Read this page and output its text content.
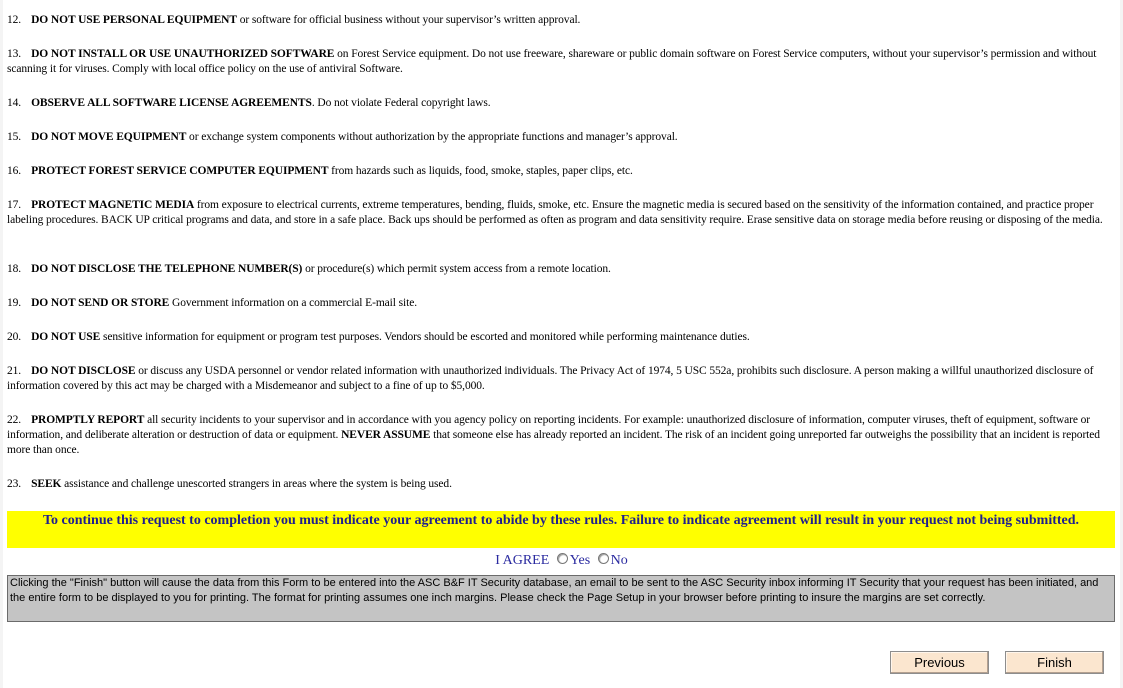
12. DO NOT USE PERSONAL EQUIPMENT or software for official business without your supervisor’s written approval.
13. DO NOT INSTALL OR USE UNAUTHORIZED SOFTWARE on Forest Service equipment. Do not use freeware, shareware or public domain software on Forest Service computers, without your supervisor’s permission and without scanning it for viruses. Comply with local office policy on the use of antiviral Software.
14. OBSERVE ALL SOFTWARE LICENSE AGREEMENTS. Do not violate Federal copyright laws.
15. DO NOT MOVE EQUIPMENT or exchange system components without authorization by the appropriate functions and manager’s approval.
16. PROTECT FOREST SERVICE COMPUTER EQUIPMENT from hazards such as liquids, food, smoke, staples, paper clips, etc.
17. PROTECT MAGNETIC MEDIA from exposure to electrical currents, extreme temperatures, bending, fluids, smoke, etc. Ensure the magnetic media is secured based on the sensitivity of the information contained, and practice proper labeling procedures. BACK UP critical programs and data, and store in a safe place. Back ups should be performed as often as program and data sensitivity require. Erase sensitive data on storage media before reusing or disposing of the media.
18. DO NOT DISCLOSE THE TELEPHONE NUMBER(S) or procedure(s) which permit system access from a remote location.
19. DO NOT SEND OR STORE Government information on a commercial E-mail site.
20. DO NOT USE sensitive information for equipment or program test purposes. Vendors should be escorted and monitored while performing maintenance duties.
21. DO NOT DISCLOSE or discuss any USDA personnel or vendor related information with unauthorized individuals. The Privacy Act of 1974, 5 USC 552a, prohibits such disclosure. A person making a willful unauthorized disclosure of information covered by this act may be charged with a Misdemeanor and subject to a fine of up to $5,000.
22. PROMPTLY REPORT all security incidents to your supervisor and in accordance with you agency policy on reporting incidents. For example: unauthorized disclosure of information, computer viruses, theft of equipment, software or information, and deliberate alteration or destruction of data or equipment. NEVER ASSUME that someone else has already reported an incident. The risk of an incident going unreported far outweighs the possibility that an incident is reported more than once.
23. SEEK assistance and challenge unescorted strangers in areas where the system is being used.
To continue this request to completion you must indicate your agreement to abide by these rules. Failure to indicate agreement will result in your request not being submitted.
I AGREE Yes No
Clicking the "Finish" button will cause the data from this Form to be entered into the ASC B&F IT Security database, an email to be sent to the ASC Security inbox informing IT Security that your request has been initiated, and the entire form to be displayed to you for printing. The format for printing assumes one inch margins. Please check the Page Setup in your browser before printing to insure the margins are set correctly.
Previous	Finish
